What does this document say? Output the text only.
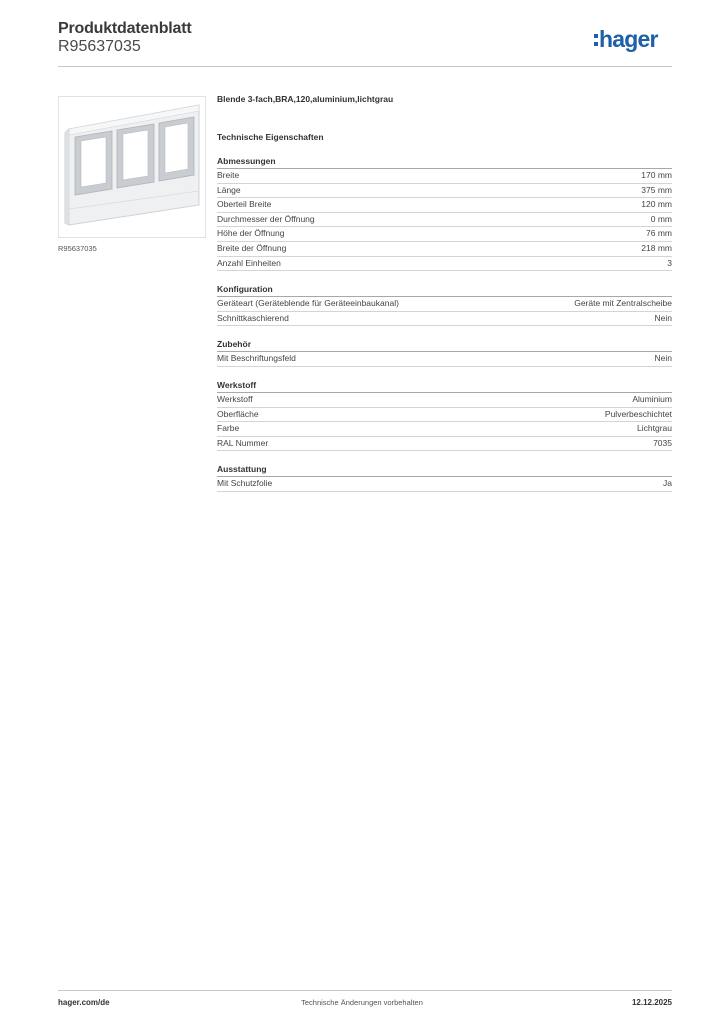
Produktdatenblatt
R95637035	hager
R95637035
Blende 3-fach,BRA,120,aluminium,lichtgrau
Technische Eigenschaften
Abmessungen
Breite	170 mm
Länge	375 mm
Oberteil Breite	120 mm
Durchmesser der Öffnung	0 mm
Höhe der Öffnung	76 mm
Breite der Öffnung	218 mm
Anzahl Einheiten	3
Konfiguration
Geräteart (Geräteblende für Geräteeinbaukanal)	Geräte mit Zentralscheibe
Schnittkaschierend	Nein
Zubehör
Mit Beschriftungsfeld	Nein
Werkstoff
Werkstoff	Aluminium
Oberfläche	Pulverbeschichtet
Farbe	Lichtgrau
RAL Nummer	7035
Ausstattung
Mit Schutzfolie	Ja
hager.com/de	Technische Änderungen vorbehalten	12.12.2025
